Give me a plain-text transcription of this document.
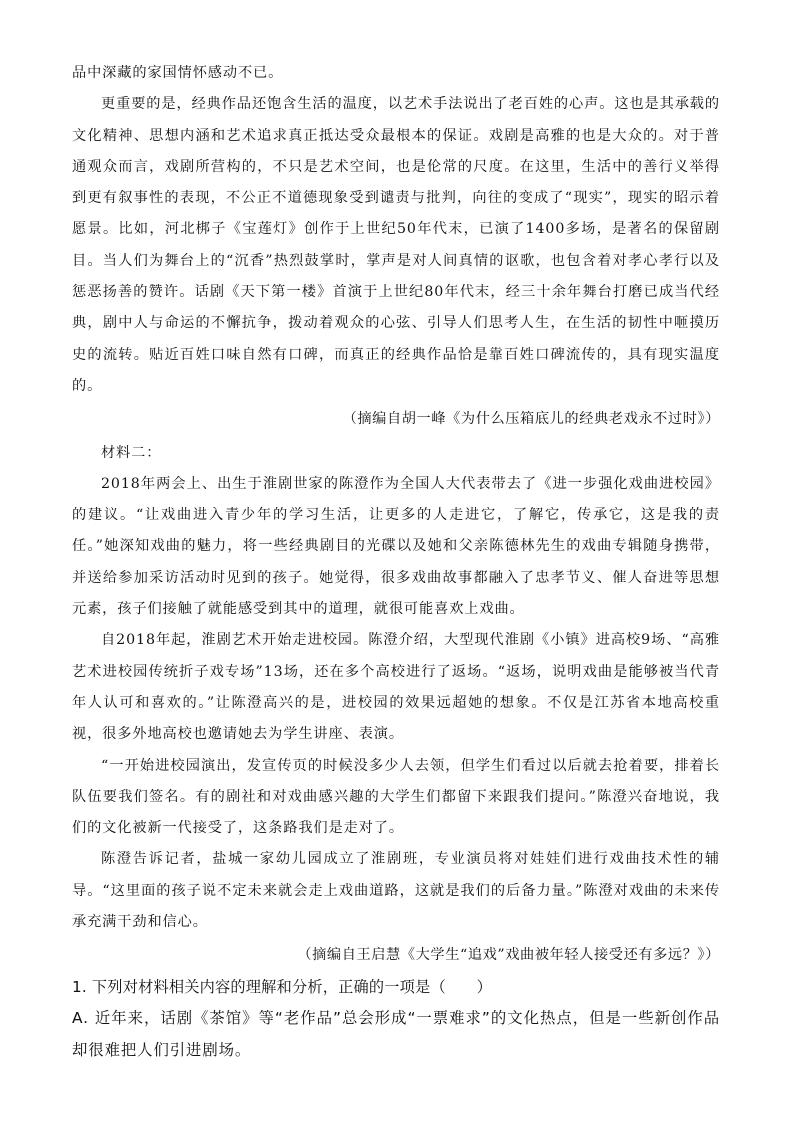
品中深藏的家国情怀感动不已。

更重要的是，经典作品还饱含生活的温度，以艺术手法说出了老百姓的心声。这也是其承载的文化精神、思想内涵和艺术追求真正抵达受众最根本的保证。戏剧是高雅的也是大众的。对于普通观众而言，戏剧所营构的，不只是艺术空间，也是伦常的尺度。在这里，生活中的善行义举得到更有叙事性的表现，不公正不道德现象受到谴责与批判，向往的变成了“现实”，现实的昭示着愿景。比如，河北梆子《宝莲灯》创作于上世纪50年代末，已演了1400多场，是著名的保留剧目。当人们为舞台上的“沉香”热烈鼓掌时，掌声是对人间真情的讴歌，也包含着对孝心孝行以及惩恶扬善的赞许。话剧《天下第一楼》首演于上世纪80年代末，经三十余年舞台打磨已成当代经典，剧中人与命运的不懈抗争，拨动着观众的心弦、引导人们思考人生，在生活的韧性中咂摸历史的流转。贴近百姓口味自然有口碑，而真正的经典作品恰是靠百姓口碑流传的，具有现实温度的。

（摘编自胡一峰《为什么压箱底儿的经典老戏永不过时》）

材料二：

2018年两会上、出生于淮剧世家的陈澄作为全国人大代表带去了《进一步强化戏曲进校园》的建议。“让戏曲进入青少年的学习生活，让更多的人走进它，了解它，传承它，这是我的责任。”她深知戏曲的魅力，将一些经典剧目的光碟以及她和父亲陈德林先生的戏曲专辑随身携带，并送给参加采访活动时见到的孩子。她觉得，很多戏曲故事都融入了忠孝节义、催人奋进等思想元素，孩子们接触了就能感受到其中的道理，就很可能喜欢上戏曲。

自2018年起，淮剧艺术开始走进校园。陈澄介绍，大型现代淮剧《小镇》进高校9场、“高雅艺术进校园传统折子戏专场”13场，还在多个高校进行了返场。“返场，说明戏曲是能够被当代青年人认可和喜欢的。”让陈澄高兴的是，进校园的效果远超她的想象。不仅是江苏省本地高校重视，很多外地高校也邀请她去为学生讲座、表演。

“一开始进校园演出，发宣传页的时候没多少人去领，但学生们看过以后就去抢着要，排着长队伍要我们签名。有的剧社和对戏曲感兴趣的大学生们都留下来跟我们提问。”陈澄兴奋地说，我们的文化被新一代接受了，这条路我们是走对了。

陈澄告诉记者，盐城一家幼儿园成立了淮剧班，专业演员将对娃娃们进行戏曲技术性的辅导。“这里面的孩子说不定未来就会走上戏曲道路，这就是我们的后备力量。”陈澄对戏曲的未来传承充满干劲和信心。

（摘编自王启慧《大学生“追戏”戏曲被年轻人接受还有多远？》）

1. 下列对材料相关内容的理解和分析，正确的一项是（　　）

A. 近年来，话剧《茶馆》等“老作品”总会形成“一票难求”的文化热点，但是一些新创作品却很难把人们引进剧场。
